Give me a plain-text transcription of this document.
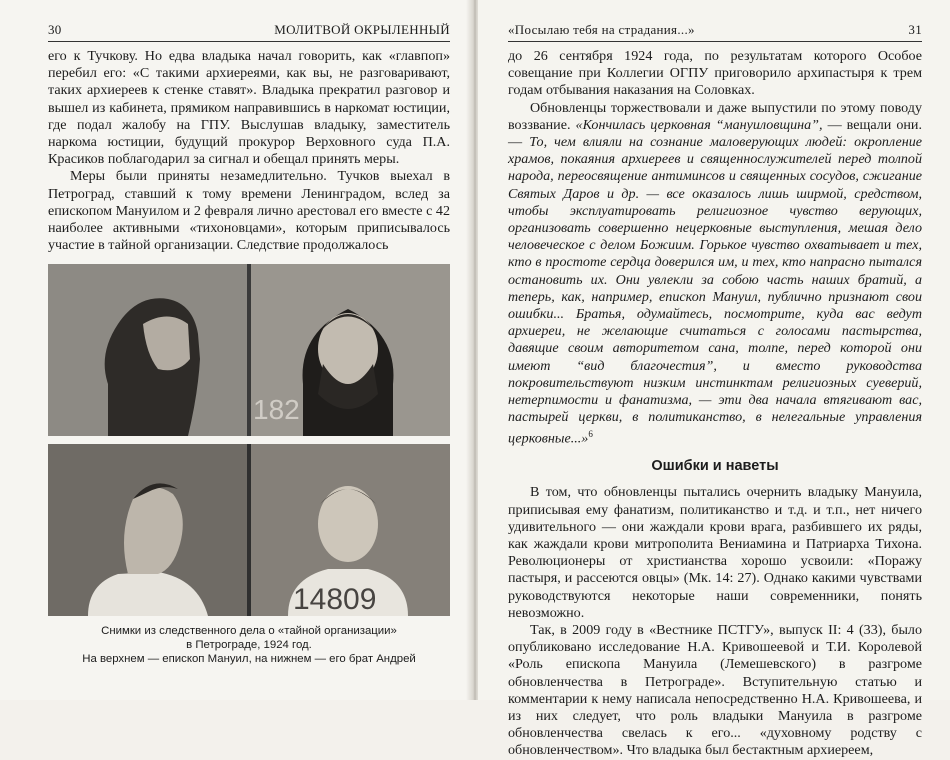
30	МОЛИТВОЙ ОКРЫЛЕННЫЙ

его к Тучкову. Но едва владыка начал говорить, как «главпоп» перебил его: «С такими архиереями, как вы, не разговаривают, таких архиереев к стенке ставят». Владыка прекратил разговор и вышел из кабинета, прямиком направившись в наркомат юстиции, где подал жалобу на ГПУ. Выслушав владыку, заместитель наркома юстиции, будущий прокурор Верховного суда П.А. Красиков поблагодарил за сигнал и обещал принять меры.

Меры были приняты незамедлительно. Тучков выехал в Петроград, ставший к тому времени Ленинградом, вслед за епископом Мануилом и 2 февраля лично арестовал его вместе с 42 наиболее активными «тихоновцами», которым приписывалось участие в тайной организации. Следствие продолжалось

182
14809
Снимки из следственного дела о «тайной организации»
в Петрограде, 1924 год.
На верхнем — епископ Мануил, на нижнем — его брат Андрей
«Посылаю тебя на страдания...»	31

до 26 сентября 1924 года, по результатам которого Особое совещание при Коллегии ОГПУ приговорило архипастыря к трем годам отбывания наказания на Соловках.

Обновленцы торжествовали и даже выпустили по этому поводу воззвание. «Кончилась церковная “мануиловщина”, — вещали они. — То, чем влияли на сознание маловерующих людей: окропление храмов, покаяния архиереев и священнослужителей перед толпой народа, переосвящение антиминсов и священных сосудов, сжигание Святых Даров и др. — все оказалось лишь ширмой, средством, чтобы эксплуатировать религиозное чувство верующих, организовать совершенно нецерковные выступления, мешая дело человеческое с делом Божиим. Горькое чувство охватывает и тех, кто в простоте сердца доверился им, и тех, кто напрасно пытался остановить их. Они увлекли за собою часть наших братий, а теперь, как, например, епископ Мануил, публично признают свои ошибки... Братья, одумайтесь, посмотрите, куда вас ведут архиереи, не желающие считаться с голосами пастырства, давящие своим авторитетом сана, толпе, перед которой они имеют “вид благочестия”, и вместо руководства покровительствуют низким инстинктам религиозных суеверий, нетерпимости и фанатизма, — эти два начала втягивают вас, пастырей церкви, в политиканство, в нелегальные управления церковные...»$^6$

Ошибки и наветы

В том, что обновленцы пытались очернить владыку Мануила, приписывая ему фанатизм, политиканство и т.д. и т.п., нет ничего удивительного — они жаждали крови врага, разбившего их ряды, как жаждали крови митрополита Вениамина и Патриарха Тихона. Революционеры от христианства хорошо усвоили: «Поражу пастыря, и рассеются овцы» (Мк. 14: 27). Однако какими чувствами руководствуются некоторые наши современники, понять невозможно.

Так, в 2009 году в «Вестнике ПСТГУ», выпуск II: 4 (33), было опубликовано исследование Н.А. Кривошеевой и Т.И. Королевой «Роль епископа Мануила (Лемешевского) в разгроме обновленчества в Петрограде». Вступительную статью и комментарии к нему написала непосредственно Н.А. Кривошеева, и из них следует, что роль владыки Мануила в разгроме обновленчества свелась к его... «духовному родству с обновленчеством». Что владыка был бестактным архиереем,
